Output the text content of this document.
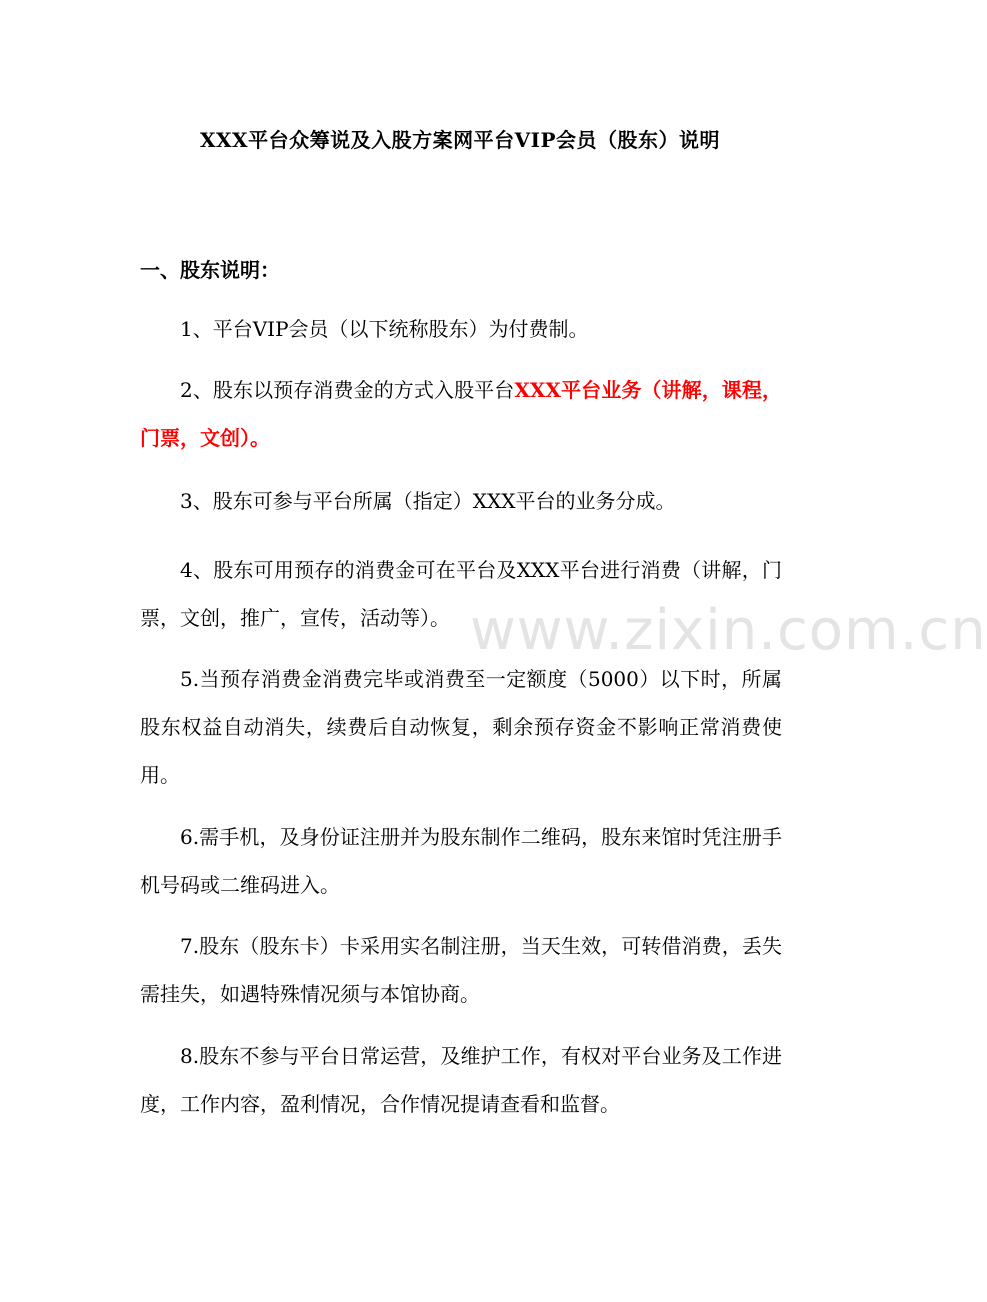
XXX平台众筹说及入股方案网平台VIP会员（股东）说明
一、股东说明：

1、平台VIP会员（以下统称股东）为付费制。

2、股东以预存消费金的方式入股平台XXX平台业务（讲解，课程，门票，文创）。

3、股东可参与平台所属（指定）XXX平台的业务分成。

4、股东可用预存的消费金可在平台及XXX平台进行消费（讲解，门票，文创，推广，宣传，活动等）。

5.当预存消费金消费完毕或消费至一定额度（5000）以下时，所属股东权益自动消失，续费后自动恢复，剩余预存资金不影响正常消费使用。

6.需手机，及身份证注册并为股东制作二维码，股东来馆时凭注册手机号码或二维码进入。

7.股东（股东卡）卡采用实名制注册，当天生效，可转借消费，丢失需挂失，如遇特殊情况须与本馆协商。

8.股东不参与平台日常运营，及维护工作，有权对平台业务及工作进度，工作内容，盈利情况，合作情况提请查看和监督。

www.zixin.com.cn
